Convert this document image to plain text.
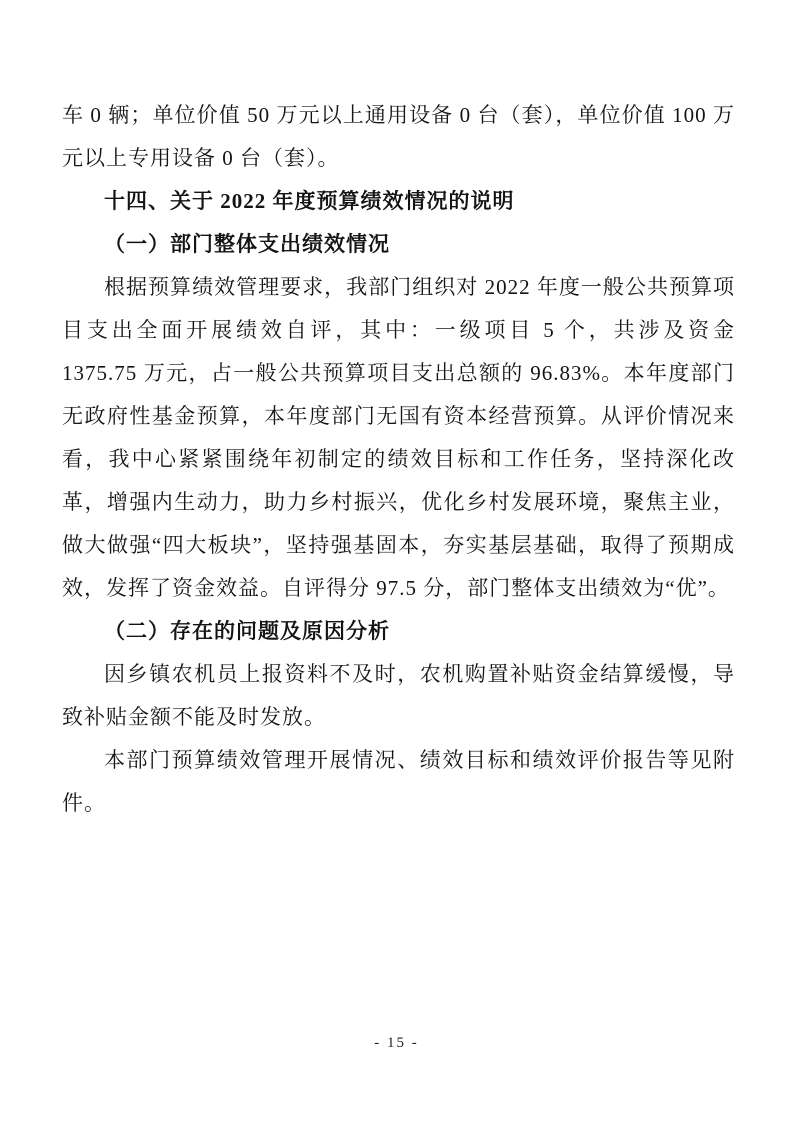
车 0 辆；单位价值 50 万元以上通用设备 0 台（套），单位价值 100 万元以上专用设备 0 台（套）。

十四、关于 2022 年度预算绩效情况的说明

（一）部门整体支出绩效情况

根据预算绩效管理要求，我部门组织对 2022 年度一般公共预算项目支出全面开展绩效自评，其中：一级项目 5 个，共涉及资金 1375.75 万元，占一般公共预算项目支出总额的 96.83%。本年度部门无政府性基金预算，本年度部门无国有资本经营预算。从评价情况来看，我中心紧紧围绕年初制定的绩效目标和工作任务，坚持深化改革，增强内生动力，助力乡村振兴，优化乡村发展环境，聚焦主业，做大做强“四大板块”，坚持强基固本，夯实基层基础，取得了预期成效，发挥了资金效益。自评得分 97.5 分，部门整体支出绩效为“优”。

（二）存在的问题及原因分析

因乡镇农机员上报资料不及时，农机购置补贴资金结算缓慢，导致补贴金额不能及时发放。

本部门预算绩效管理开展情况、绩效目标和绩效评价报告等见附件。

- 15 -
